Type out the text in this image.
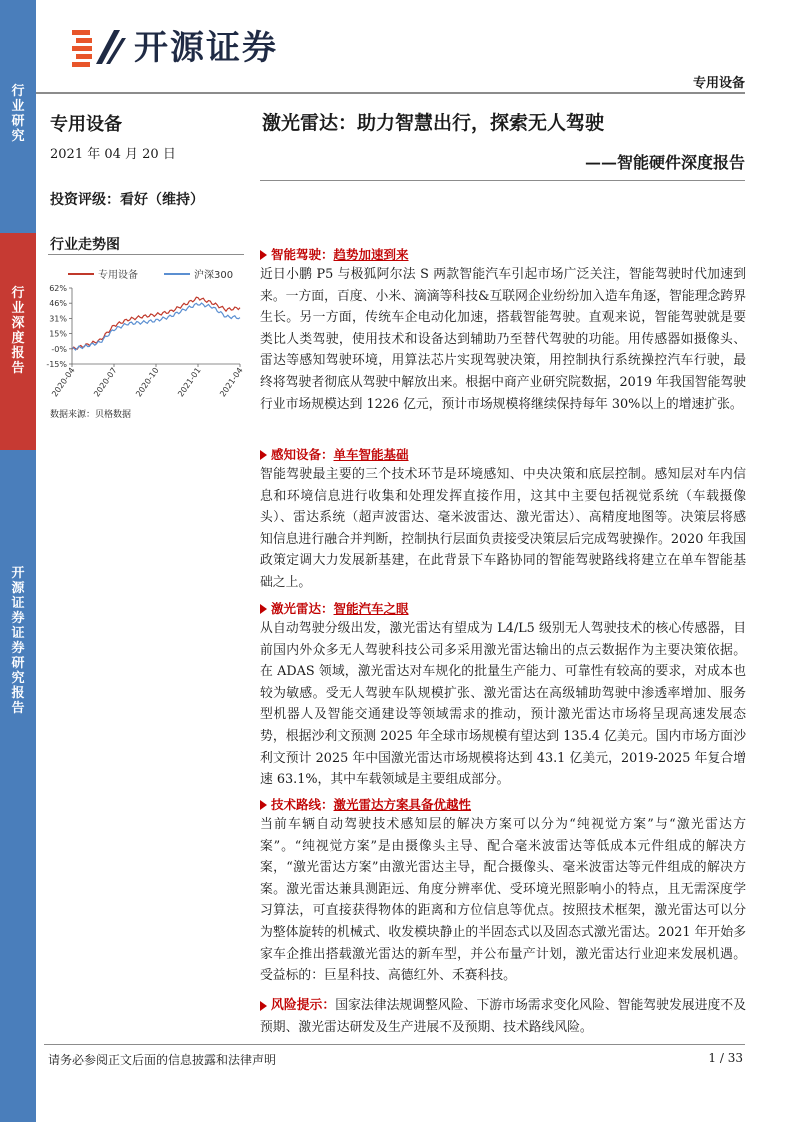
行
业
研
究
行
业
深
度
报
告
开
源
证
券
证
券
研
究
报
告
开源证券
专用设备
专用设备
2021 年 04 月 20 日
投资评级：看好（维持）
行业走势图
专用设备	沪深300
62%
46%
31%
15%
-0%
-15%
2020-04 2020-07 2020-10 2021-01 2021-04
数据来源：贝格数据
激光雷达：助力智慧出行，探索无人驾驶
——智能硬件深度报告
智能驾驶： 趋势加速到来
近日小鹏 P5 与极狐阿尔法 S 两款智能汽车引起市场广泛关注，智能驾驶时代加速到来。一方面，百度、小米、滴滴等科技&互联网企业纷纷加入造车角逐，智能理念跨界生长。另一方面，传统车企电动化加速，搭载智能驾驶。直观来说，智能驾驶就是要类比人类驾驶，使用技术和设备达到辅助乃至替代驾驶的功能。用传感器如摄像头、雷达等感知驾驶环境，用算法芯片实现驾驶决策，用控制执行系统操控汽车行驶，最终将驾驶者彻底从驾驶中解放出来。根据中商产业研究院数据，2019 年我国智能驾驶行业市场规模达到 1226 亿元，预计市场规模将继续保持每年 30%以上的增速扩张。
感知设备： 单车智能基础
智能驾驶最主要的三个技术环节是环境感知、中央决策和底层控制。感知层对车内信息和环境信息进行收集和处理发挥直接作用，这其中主要包括视觉系统（车载摄像头）、雷达系统（超声波雷达、毫米波雷达、激光雷达）、高精度地图等。决策层将感知信息进行融合并判断，控制执行层面负责接受决策层后完成驾驶操作。2020 年我国政策定调大力发展新基建，在此背景下车路协同的智能驾驶路线将建立在单车智能基础之上。
激光雷达： 智能汽车之眼
从自动驾驶分级出发，激光雷达有望成为 L4/L5 级别无人驾驶技术的核心传感器，目前国内外众多无人驾驶科技公司多采用激光雷达输出的点云数据作为主要决策依据。在 ADAS 领域，激光雷达对车规化的批量生产能力、可靠性有较高的要求，对成本也较为敏感。受无人驾驶车队规模扩张、激光雷达在高级辅助驾驶中渗透率增加、服务型机器人及智能交通建设等领域需求的推动，预计激光雷达市场将呈现高速发展态势，根据沙利文预测 2025 年全球市场规模有望达到 135.4 亿美元。国内市场方面沙利文预计 2025 年中国激光雷达市场规模将达到 43.1 亿美元，2019-2025 年复合增速 63.1%，其中车载领域是主要组成部分。
技术路线： 激光雷达方案具备优越性
当前车辆自动驾驶技术感知层的解决方案可以分为“纯视觉方案”与“激光雷达方案”。“纯视觉方案”是由摄像头主导、配合毫米波雷达等低成本元件组成的解决方案，“激光雷达方案”由激光雷达主导，配合摄像头、毫米波雷达等元件组成的解决方案。激光雷达兼具测距远、角度分辨率优、受环境光照影响小的特点，且无需深度学习算法，可直接获得物体的距离和方位信息等优点。按照技术框架，激光雷达可以分为整体旋转的机械式、收发模块静止的半固态式以及固态式激光雷达。2021 年开始多家车企推出搭载激光雷达的新车型，并公布量产计划，激光雷达行业迎来发展机遇。受益标的：巨星科技、高德红外、禾赛科技。
风险提示：国家法律法规调整风险、下游市场需求变化风险、智能驾驶发展进度不及预期、激光雷达研发及生产进展不及预期、技术路线风险。
请务必参阅正文后面的信息披露和法律声明	1 / 33
